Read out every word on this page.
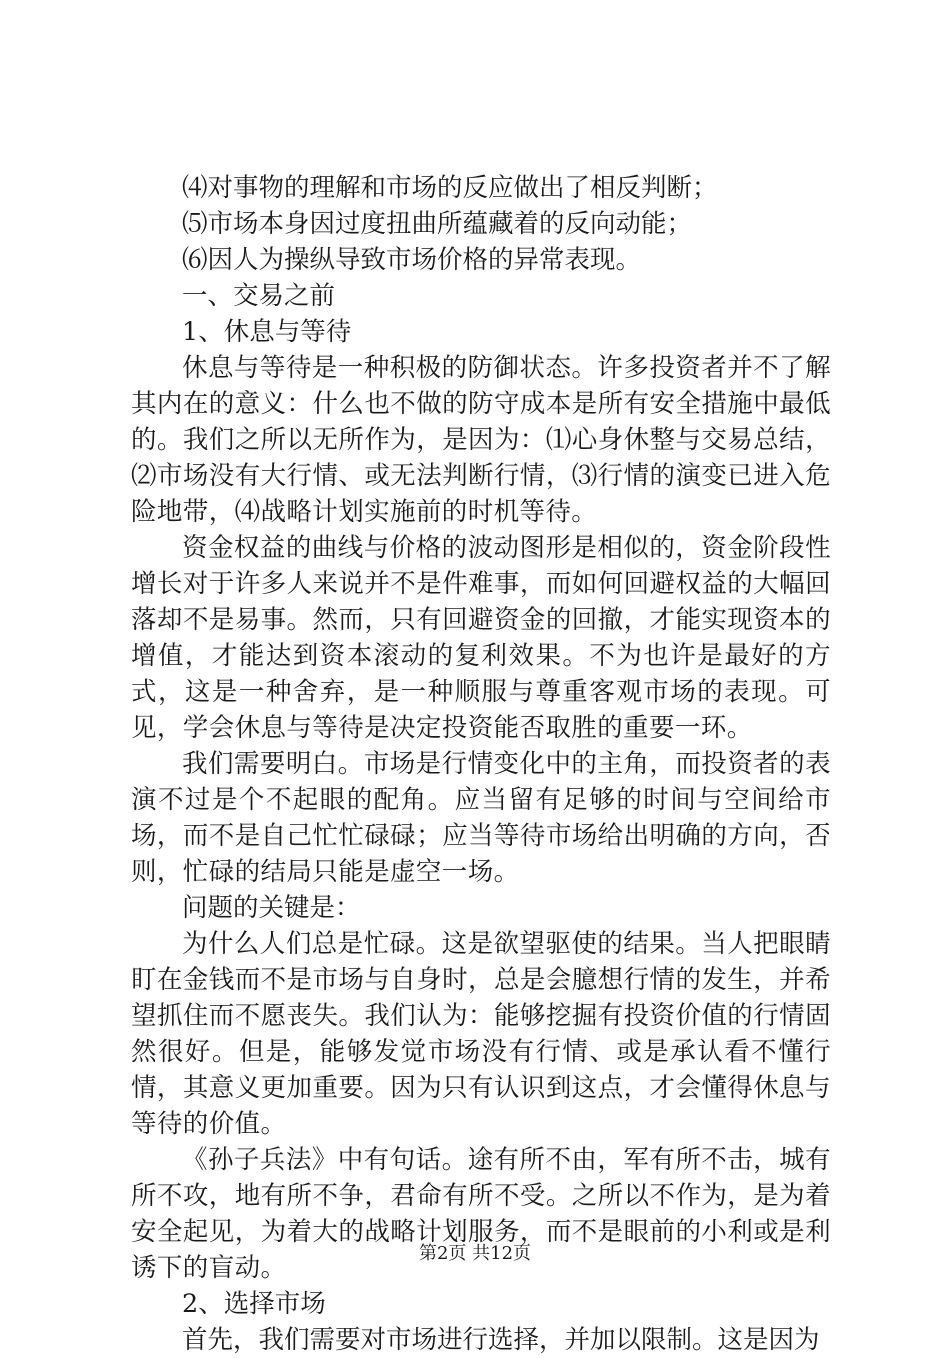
⑷对事物的理解和市场的反应做出了相反判断；
⑸市场本身因过度扭曲所蕴藏着的反向动能；
⑹因人为操纵导致市场价格的异常表现。
一、交易之前
1、休息与等待

休息与等待是一种积极的防御状态。许多投资者并不了解其内在的意义：什么也不做的防守成本是所有安全措施中最低的。我们之所以无所作为，是因为：⑴心身休整与交易总结，⑵市场没有大行情、或无法判断行情，⑶行情的演变已进入危险地带，⑷战略计划实施前的时机等待。

资金权益的曲线与价格的波动图形是相似的，资金阶段性增长对于许多人来说并不是件难事，而如何回避权益的大幅回落却不是易事。然而，只有回避资金的回撤，才能实现资本的增值，才能达到资本滚动的复利效果。不为也许是最好的方式，这是一种舍弃，是一种顺服与尊重客观市场的表现。可见，学会休息与等待是决定投资能否取胜的重要一环。

我们需要明白。市场是行情变化中的主角，而投资者的表演不过是个不起眼的配角。应当留有足够的时间与空间给市场，而不是自己忙忙碌碌；应当等待市场给出明确的方向，否则，忙碌的结局只能是虚空一场。

问题的关键是：

为什么人们总是忙碌。这是欲望驱使的结果。当人把眼睛盯在金钱而不是市场与自身时，总是会臆想行情的发生，并希望抓住而不愿丧失。我们认为：能够挖掘有投资价值的行情固然很好。但是，能够发觉市场没有行情、或是承认看不懂行情，其意义更加重要。因为只有认识到这点，才会懂得休息与等待的价值。

《孙子兵法》中有句话。途有所不由，军有所不击，城有所不攻，地有所不争，君命有所不受。之所以不作为，是为着安全起见，为着大的战略计划服务，而不是眼前的小利或是利诱下的盲动。

2、选择市场

首先，我们需要对市场进行选择，并加以限制。这是因为

第2页 共12页
